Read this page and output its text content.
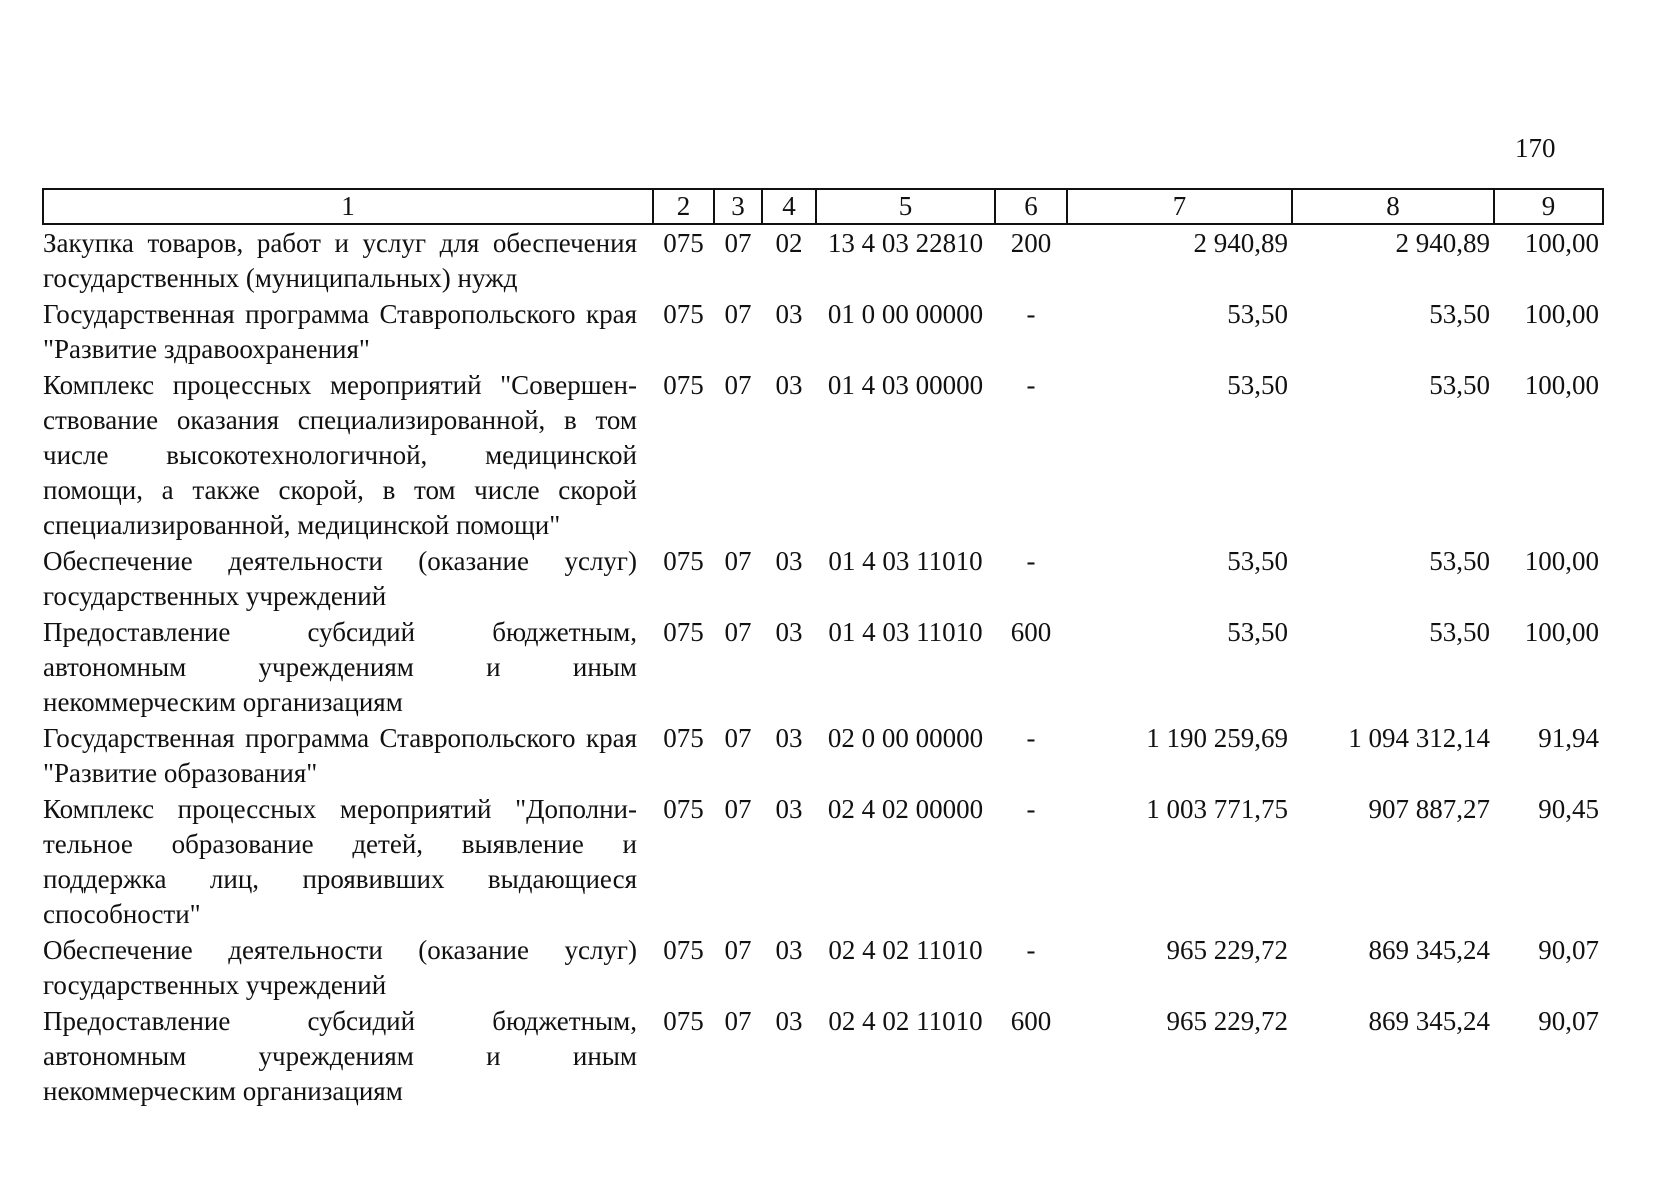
170
1	2	3	4	5	6	7	8	9
Закупка товаров, работ и услуг для обеспечения государственных (муниципальных) нужд	075	07	02	13 4 03 22810	200	2 940,89	2 940,89	100,00
Государственная программа Ставропольского края "Развитие здравоохранения"	075	07	03	01 0 00 00000	-	53,50	53,50	100,00
Комплекс процессных мероприятий "Совершенствование оказания специализированной, в том числе высокотехнологичной, медицинской помощи, а также скорой, в том числе скорой специализированной, медицинской помощи"	075	07	03	01 4 03 00000	-	53,50	53,50	100,00
Обеспечение деятельности (оказание услуг) государственных учреждений	075	07	03	01 4 03 11010	-	53,50	53,50	100,00
Предоставление субсидий бюджетным, автономным учреждениям и иным некоммерческим организациям	075	07	03	01 4 03 11010	600	53,50	53,50	100,00
Государственная программа Ставропольского края "Развитие образования"	075	07	03	02 0 00 00000	-	1 190 259,69	1 094 312,14	91,94
Комплекс процессных мероприятий "Дополнительное образование детей, выявление и поддержка лиц, проявивших выдающиеся способности"	075	07	03	02 4 02 00000	-	1 003 771,75	907 887,27	90,45
Обеспечение деятельности (оказание услуг) государственных учреждений	075	07	03	02 4 02 11010	-	965 229,72	869 345,24	90,07
Предоставление субсидий бюджетным, автономным учреждениям и иным некоммерческим организациям	075	07	03	02 4 02 11010	600	965 229,72	869 345,24	90,07
